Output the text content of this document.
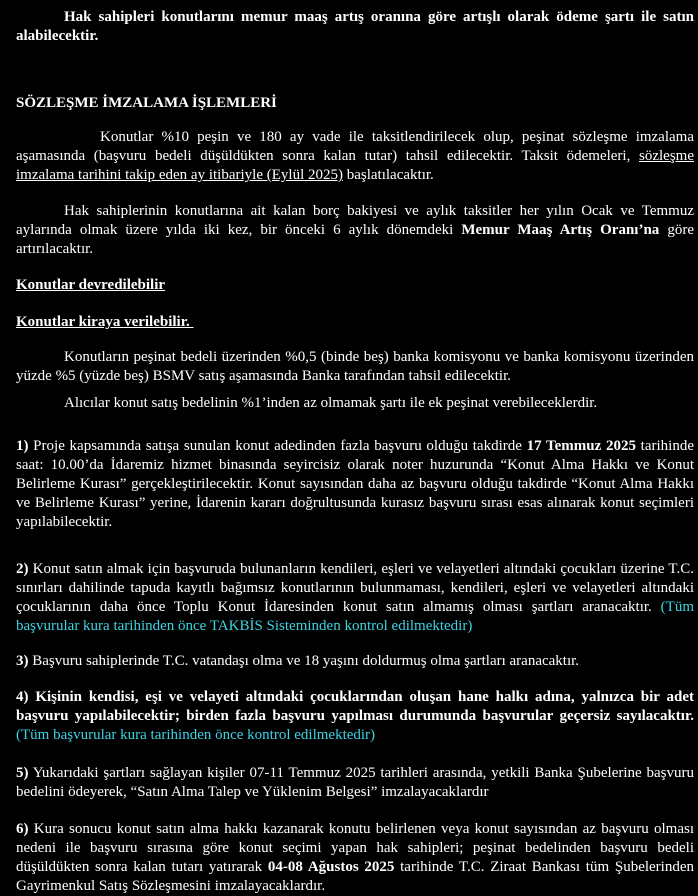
Hak sahipleri konutlarını memur maaş artış oranına göre artışlı olarak ödeme şartı ile satın alabilecektir.

SÖZLEŞME İMZALAMA İŞLEMLERİ

Konutlar %10 peşin ve 180 ay vade ile taksitlendirilecek olup, peşinat sözleşme imzalama aşamasında (başvuru bedeli düşüldükten sonra kalan tutar) tahsil edilecektir. Taksit ödemeleri, sözleşme imzalama tarihini takip eden ay itibariyle (Eylül 2025) başlatılacaktır.

Hak sahiplerinin konutlarına ait kalan borç bakiyesi ve aylık taksitler her yılın Ocak ve Temmuz aylarında olmak üzere yılda iki kez, bir önceki 6 aylık dönemdeki Memur Maaş Artış Oranı’na göre artırılacaktır.

Konutlar devredilebilir

Konutlar kiraya verilebilir.

Konutların peşinat bedeli üzerinden %0,5 (binde beş) banka komisyonu ve banka komisyonu üzerinden yüzde %5 (yüzde beş) BSMV satış aşamasında Banka tarafından tahsil edilecektir.

Alıcılar konut satış bedelinin %1’inden az olmamak şartı ile ek peşinat verebileceklerdir.

1) Proje kapsamında satışa sunulan konut adedinden fazla başvuru olduğu takdirde 17 Temmuz 2025 tarihinde saat: 10.00’da İdaremiz hizmet binasında seyircisiz olarak noter huzurunda “Konut Alma Hakkı ve Konut Belirleme Kurası” gerçekleştirilecektir. Konut sayısından daha az başvuru olduğu takdirde “Konut Alma Hakkı ve Belirleme Kurası” yerine, İdarenin kararı doğrultusunda kurasız başvuru sırası esas alınarak konut seçimleri yapılabilecektir.

2) Konut satın almak için başvuruda bulunanların kendileri, eşleri ve velayetleri altındaki çocukları üzerine T.C. sınırları dahilinde tapuda kayıtlı bağımsız konutlarının bulunmaması, kendileri, eşleri ve velayetleri altındaki çocuklarının daha önce Toplu Konut İdaresinden konut satın almamış olması şartları aranacaktır. (Tüm başvurular kura tarihinden önce TAKBİS Sisteminden kontrol edilmektedir)

3) Başvuru sahiplerinde T.C. vatandaşı olma ve 18 yaşını doldurmuş olma şartları aranacaktır.

4) Kişinin kendisi, eşi ve velayeti altındaki çocuklarından oluşan hane halkı adına, yalnızca bir adet başvuru yapılabilecektir; birden fazla başvuru yapılması durumunda başvurular geçersiz sayılacaktır. (Tüm başvurular kura tarihinden önce kontrol edilmektedir)

5) Yukarıdaki şartları sağlayan kişiler 07-11 Temmuz 2025 tarihleri arasında, yetkili Banka Şubelerine başvuru bedelini ödeyerek, “Satın Alma Talep ve Yüklenim Belgesi” imzalayacaklardır

6) Kura sonucu konut satın alma hakkı kazanarak konutu belirlenen veya konut sayısından az başvuru olması nedeni ile başvuru sırasına göre konut seçimi yapan hak sahipleri; peşinat bedelinden başvuru bedeli düşüldükten sonra kalan tutarı yatırarak 04-08 Ağustos 2025 tarihinde T.C. Ziraat Bankası tüm Şubelerinden Gayrimenkul Satış Sözleşmesini imzalayacaklardır.
